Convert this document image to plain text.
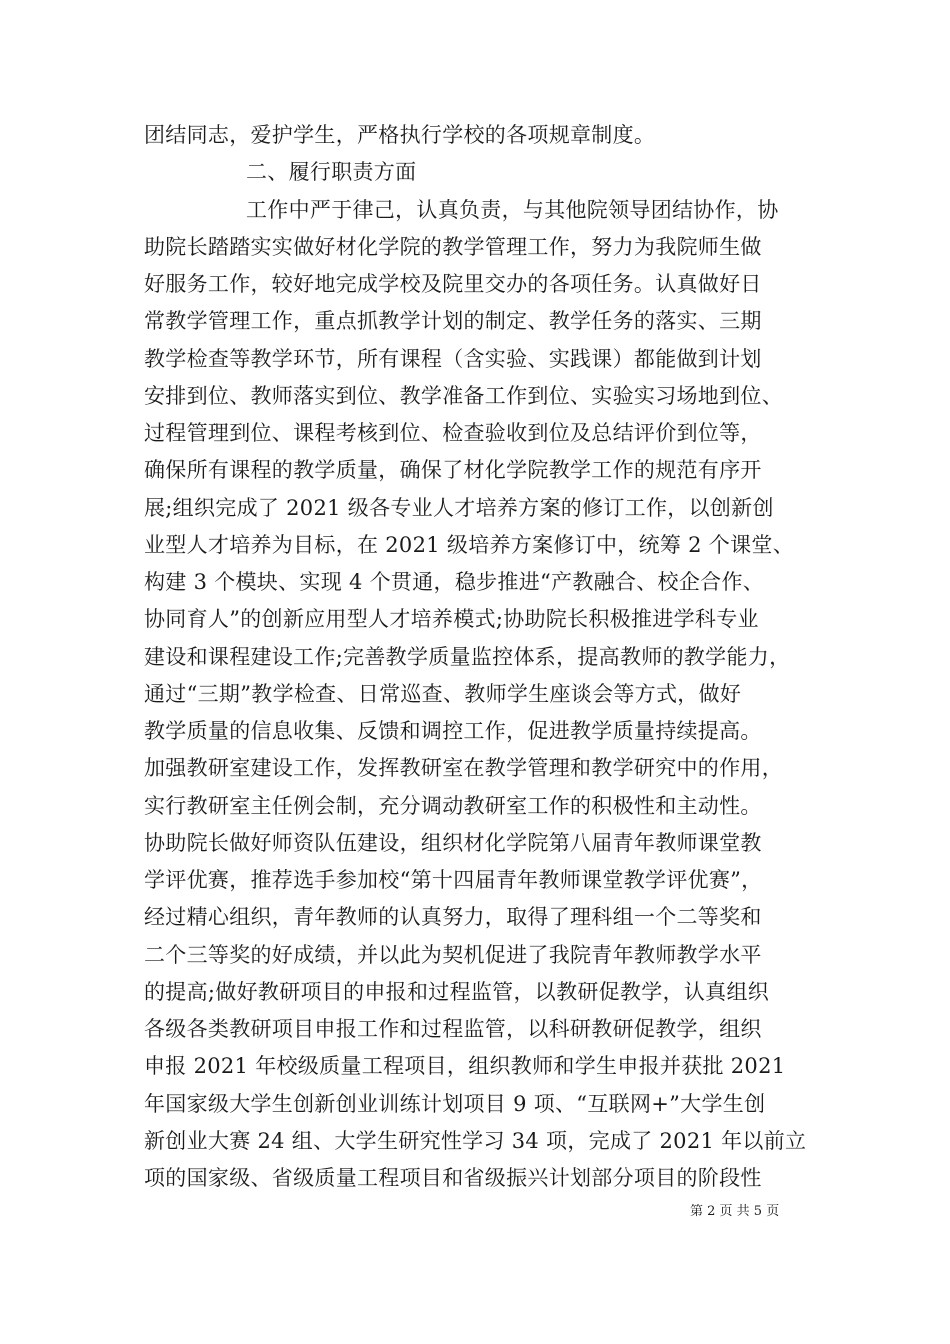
团结同志，爱护学生，严格执行学校的各项规章制度。
二、履行职责方面
工作中严于律己，认真负责，与其他院领导团结协作，协
助院长踏踏实实做好材化学院的教学管理工作，努力为我院师生做
好服务工作，较好地完成学校及院里交办的各项任务。认真做好日
常教学管理工作，重点抓教学计划的制定、教学任务的落实、三期
教学检查等教学环节，所有课程（含实验、实践课）都能做到计划
安排到位、教师落实到位、教学准备工作到位、实验实习场地到位、
过程管理到位、课程考核到位、检查验收到位及总结评价到位等，
确保所有课程的教学质量，确保了材化学院教学工作的规范有序开
展;组织完成了 2021 级各专业人才培养方案的修订工作，以创新创
业型人才培养为目标，在 2021 级培养方案修订中，统筹 2 个课堂、
构建 3 个模块、实现 4 个贯通，稳步推进“产教融合、校企合作、
协同育人”的创新应用型人才培养模式;协助院长积极推进学科专业
建设和课程建设工作;完善教学质量监控体系，提高教师的教学能力，
通过“三期”教学检查、日常巡查、教师学生座谈会等方式，做好
教学质量的信息收集、反馈和调控工作，促进教学质量持续提高。
加强教研室建设工作，发挥教研室在教学管理和教学研究中的作用，
实行教研室主任例会制，充分调动教研室工作的积极性和主动性。
协助院长做好师资队伍建设，组织材化学院第八届青年教师课堂教
学评优赛，推荐选手参加校“第十四届青年教师课堂教学评优赛”，
经过精心组织，青年教师的认真努力，取得了理科组一个二等奖和
二个三等奖的好成绩，并以此为契机促进了我院青年教师教学水平
的提高;做好教研项目的申报和过程监管，以教研促教学，认真组织
各级各类教研项目申报工作和过程监管，以科研教研促教学，组织
申报 2021 年校级质量工程项目，组织教师和学生申报并获批 2021
年国家级大学生创新创业训练计划项目 9 项、“互联网+”大学生创
新创业大赛 24 组、大学生研究性学习 34 项，完成了 2021 年以前立
项的国家级、省级质量工程项目和省级振兴计划部分项目的阶段性
第 2 页 共 5 页
